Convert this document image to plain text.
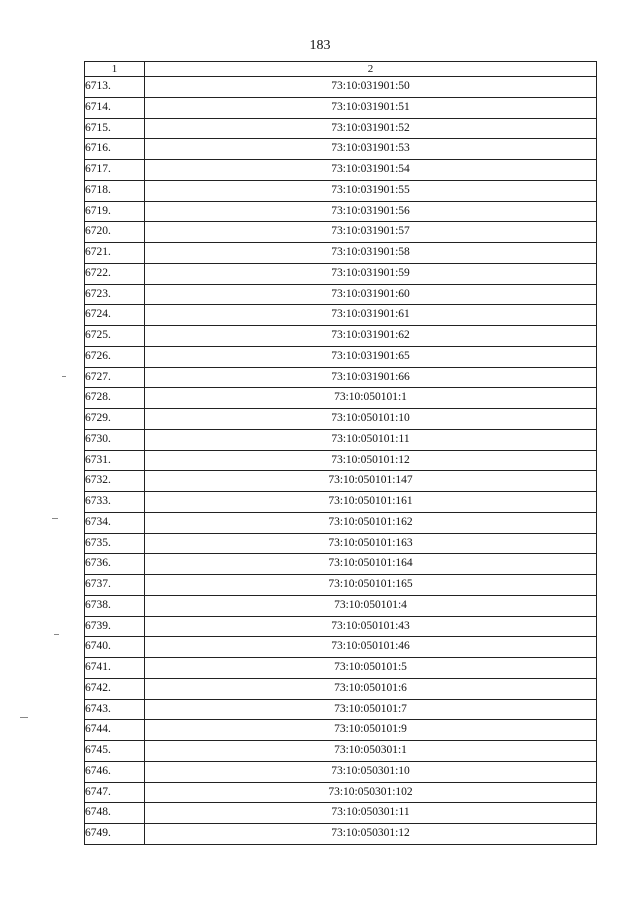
183
1	2
6713.	73:10:031901:50
6714.	73:10:031901:51
6715.	73:10:031901:52
6716.	73:10:031901:53
6717.	73:10:031901:54
6718.	73:10:031901:55
6719.	73:10:031901:56
6720.	73:10:031901:57
6721.	73:10:031901:58
6722.	73:10:031901:59
6723.	73:10:031901:60
6724.	73:10:031901:61
6725.	73:10:031901:62
6726.	73:10:031901:65
6727.	73:10:031901:66
6728.	73:10:050101:1
6729.	73:10:050101:10
6730.	73:10:050101:11
6731.	73:10:050101:12
6732.	73:10:050101:147
6733.	73:10:050101:161
6734.	73:10:050101:162
6735.	73:10:050101:163
6736.	73:10:050101:164
6737.	73:10:050101:165
6738.	73:10:050101:4
6739.	73:10:050101:43
6740.	73:10:050101:46
6741.	73:10:050101:5
6742.	73:10:050101:6
6743.	73:10:050101:7
6744.	73:10:050101:9
6745.	73:10:050301:1
6746.	73:10:050301:10
6747.	73:10:050301:102
6748.	73:10:050301:11
6749.	73:10:050301:12
